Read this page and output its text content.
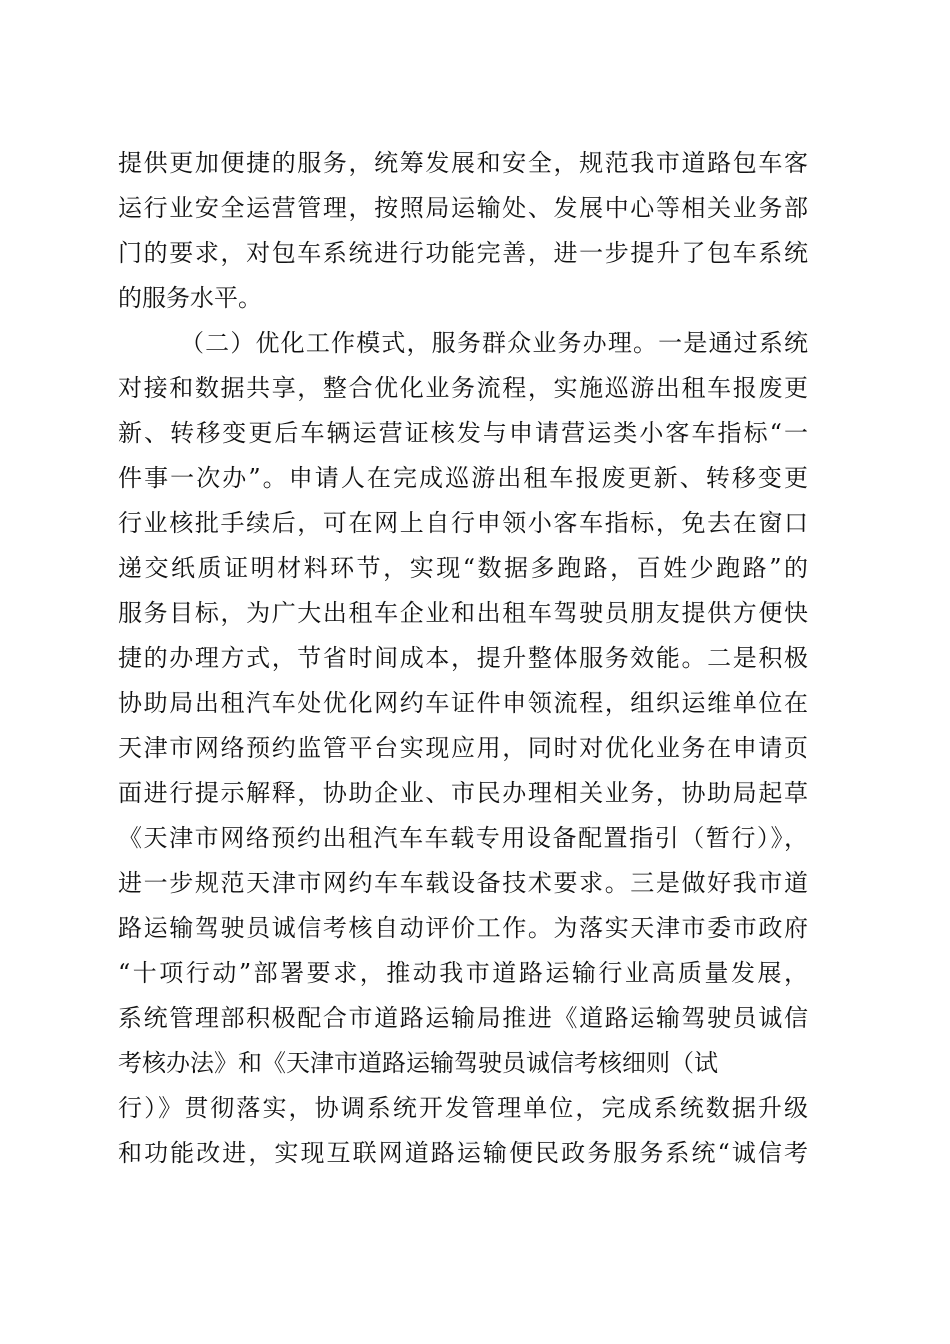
提供更加便捷的服务，统筹发展和安全，规范我市道路包车客
运行业安全运营管理，按照局运输处、发展中心等相关业务部
门的要求，对包车系统进行功能完善，进一步提升了包车系统
的服务水平。
（二）优化工作模式，服务群众业务办理。一是通过系统
对接和数据共享，整合优化业务流程，实施巡游出租车报废更
新、转移变更后车辆运营证核发与申请营运类小客车指标“一
件事一次办”。申请人在完成巡游出租车报废更新、转移变更
行业核批手续后，可在网上自行申领小客车指标，免去在窗口
递交纸质证明材料环节，实现“数据多跑路，百姓少跑路”的
服务目标，为广大出租车企业和出租车驾驶员朋友提供方便快
捷的办理方式，节省时间成本，提升整体服务效能。二是积极
协助局出租汽车处优化网约车证件申领流程，组织运维单位在
天津市网络预约监管平台实现应用，同时对优化业务在申请页
面进行提示解释，协助企业、市民办理相关业务，协助局起草
《天津市网络预约出租汽车车载专用设备配置指引（暂行）》，
进一步规范天津市网约车车载设备技术要求。三是做好我市道
路运输驾驶员诚信考核自动评价工作。为落实天津市委市政府
“十项行动”部署要求，推动我市道路运输行业高质量发展，
系统管理部积极配合市道路运输局推进《道路运输驾驶员诚信
考核办法》和《天津市道路运输驾驶员诚信考核细则（试
行）》贯彻落实，协调系统开发管理单位，完成系统数据升级
和功能改进，实现互联网道路运输便民政务服务系统“诚信考
